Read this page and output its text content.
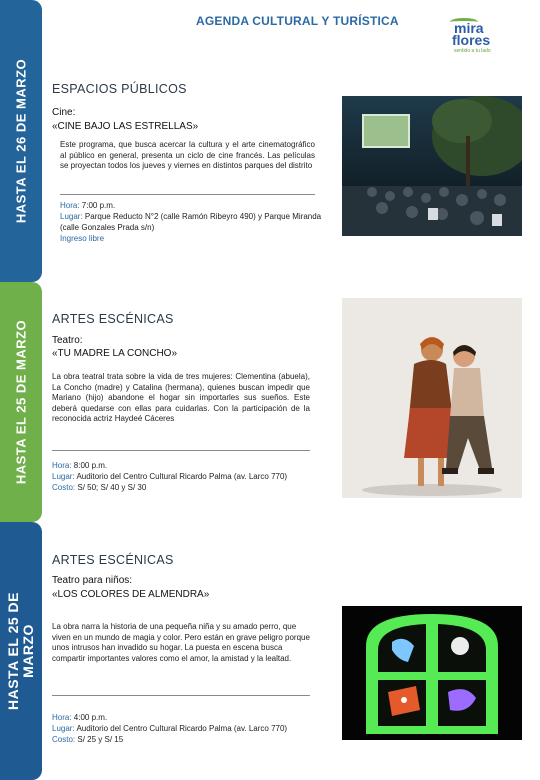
HASTA EL 26 DE MARZO
HASTA EL 25 DE MARZO
HASTA EL 25 DE MARZO
AGENDA CULTURAL Y TURÍSTICA	mira
flores
sentido a tu lado
ESPACIOS PÚBLICOS
Cine:
«CINE BAJO LAS ESTRELLAS»
Este programa, que busca acercar la cultura y el arte cinematográfico al público en general, presenta un ciclo de cine francés. Las películas se proyectan todos los jueves y viernes en distintos parques del distrito
Hora: 7:00 p.m.
Lugar: Parque Reducto N°2 (calle Ramón Ribeyro 490) y Parque Miranda (calle Gonzales Prada s/n)
Ingreso libre
ARTES ESCÉNICAS
Teatro:
«TU MADRE LA CONCHO»
La obra teatral trata sobre la vida de tres mujeres: Clementina (abuela), La Concho (madre) y Catalina (hermana), quienes buscan impedir que Mariano (hijo) abandone el hogar sin importarles sus sueños. Este deberá quedarse con ellas para cuidarlas. Con la participación de la reconocida actriz Haydeé Cáceres
Hora: 8:00 p.m.
Lugar: Auditorio del Centro Cultural Ricardo Palma (av. Larco 770)
Costo: S/ 50; S/ 40 y S/ 30
ARTES ESCÉNICAS
Teatro para niños:
«LOS COLORES DE ALMENDRA»
La obra narra la historia de una pequeña niña y su amado perro, que viven en un mundo de magia y color. Pero están en grave peligro porque unos intrusos han invadido su hogar. La puesta en escena busca compartir importantes valores como el amor, la amistad y la lealtad.
Hora: 4:00 p.m.
Lugar: Auditorio del Centro Cultural Ricardo Palma (av. Larco 770)
Costo: S/ 25 y S/ 15
